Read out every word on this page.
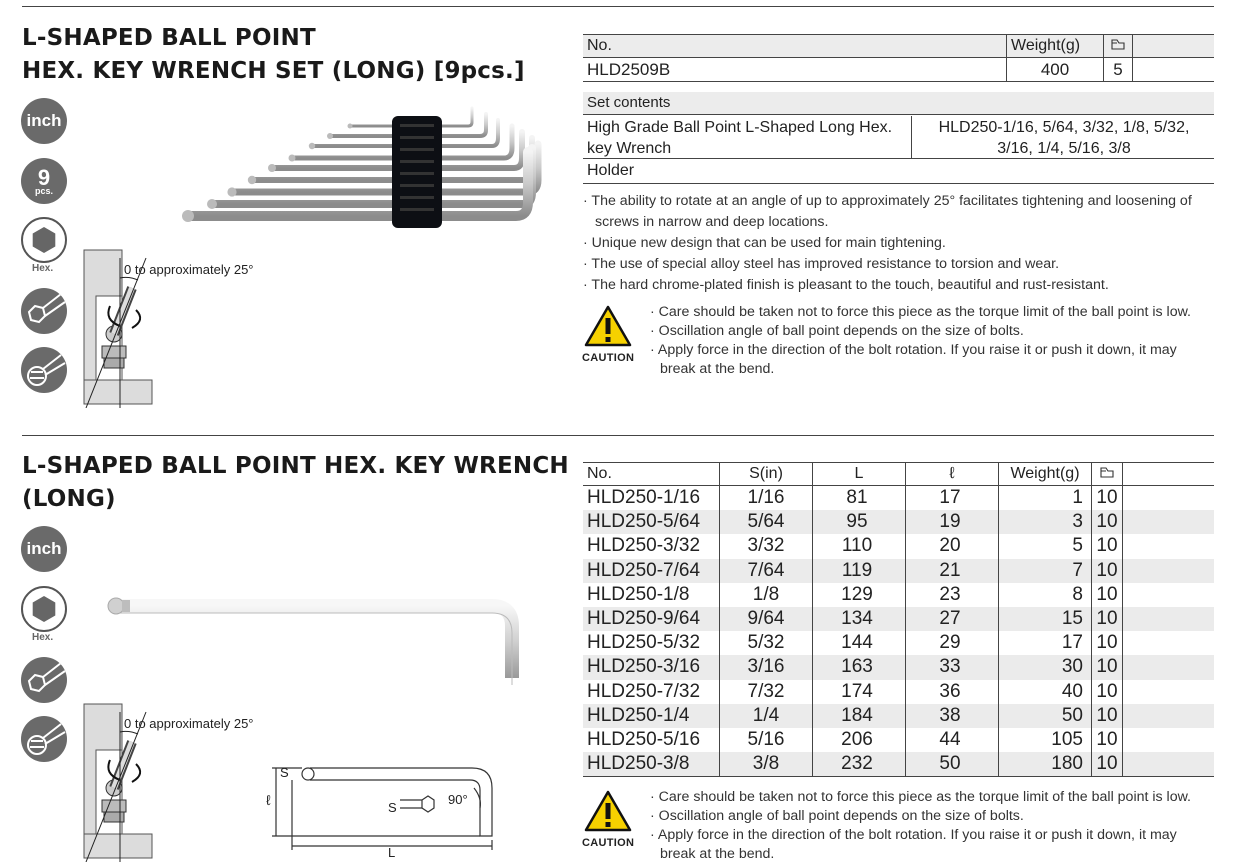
L-SHAPED BALL POINT
HEX. KEY WRENCH SET (LONG) [9pcs.]
inch
9
pcs.
Hex.	0 to approximately 25°
No.	Weight(g)		
HLD2509B	400	5	
Set contents
High Grade Ball Point L-Shaped Long Hex.
key Wrench
HLD250-1/16, 5/64, 3/32, 1/8, 5/32,
3/16, 1/4, 5/16, 3/8
Holder
· The ability to rotate at an angle of up to approximately 25° facilitates tightening and loosening of screws in narrow and deep locations.
· Unique new design that can be used for main tightening.
· The use of special alloy steel has improved resistance to torsion and wear.
· The hard chrome-plated finish is pleasant to the touch, beautiful and rust-resistant.
CAUTION
· Care should be taken not to force this piece as the torque limit of the ball point is low.
· Oscillation angle of ball point depends on the size of bolts.
· Apply force in the direction of the bolt rotation. If you raise it or push it down, it may break at the bend.
L-SHAPED BALL POINT HEX. KEY WRENCH
(LONG)
inch
Hex.
0 to approximately 25°
S
ℓ	S
90°
L
No.	S(in)	L	ℓ	Weight(g)		
HLD250-1/16	1/16	81	17	1	10	
HLD250-5/64	5/64	95	19	3	10	
HLD250-3/32	3/32	110	20	5	10	
HLD250-7/64	7/64	119	21	7	10	
HLD250-1/8	1/8	129	23	8	10	
HLD250-9/64	9/64	134	27	15	10	
HLD250-5/32	5/32	144	29	17	10	
HLD250-3/16	3/16	163	33	30	10	
HLD250-7/32	7/32	174	36	40	10	
HLD250-1/4	1/4	184	38	50	10	
HLD250-5/16	5/16	206	44	105	10	
HLD250-3/8	3/8	232	50	180	10	
CAUTION
· Care should be taken not to force this piece as the torque limit of the ball point is low.
· Oscillation angle of ball point depends on the size of bolts.
· Apply force in the direction of the bolt rotation. If you raise it or push it down, it may break at the bend.
